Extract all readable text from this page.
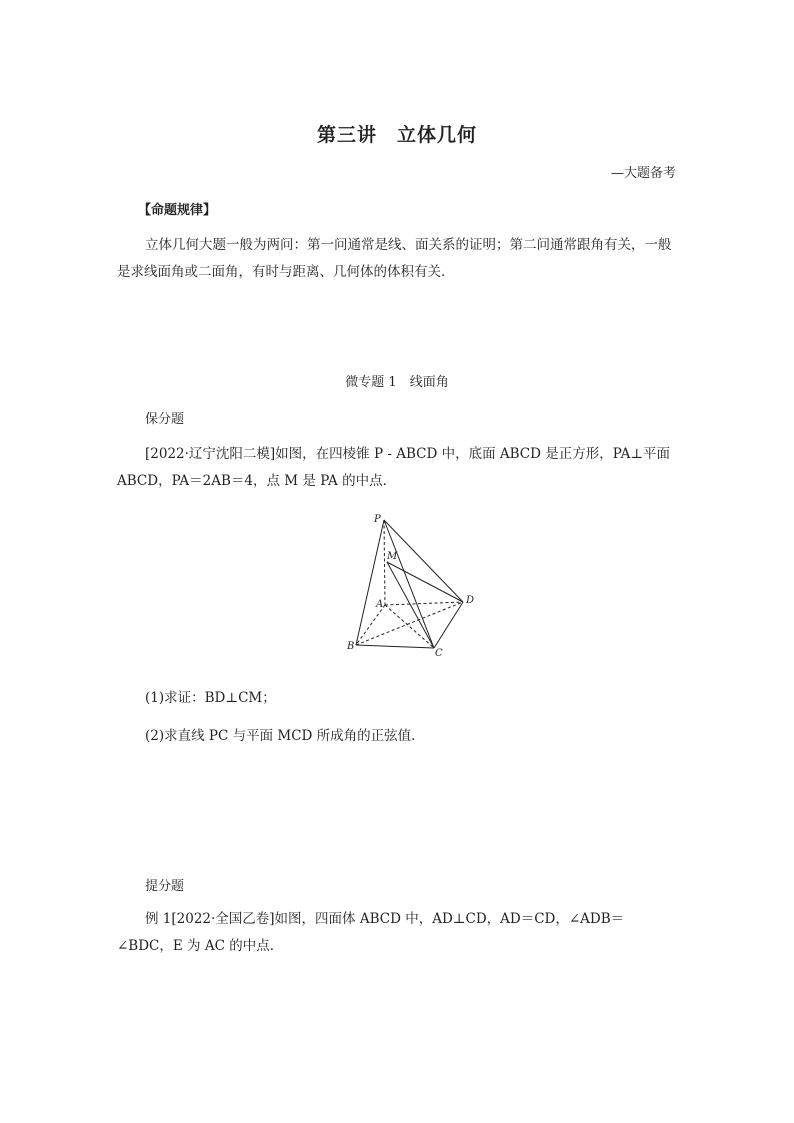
第三讲　立体几何
—大题备考
【命题规律】
立体几何大题一般为两问：第一问通常是线、面关系的证明；第二问通常跟角有关，一般是求线面角或二面角，有时与距离、几何体的体积有关．
微专题 1　线面角
保分题
[2022·辽宁沈阳二模]如图，在四棱锥 P - ABCD 中，底面 ABCD 是正方形，PA⊥平面 ABCD，PA＝2AB＝4，点 M 是 PA 的中点．
P
M
A	D
B
C
(1)求证：BD⊥CM；
(2)求直线 PC 与平面 MCD 所成角的正弦值．
提分题
例 1[2022·全国乙卷]如图，四面体 ABCD 中，AD⊥CD，AD＝CD，∠ADB＝∠BDC，E 为 AC 的中点．
